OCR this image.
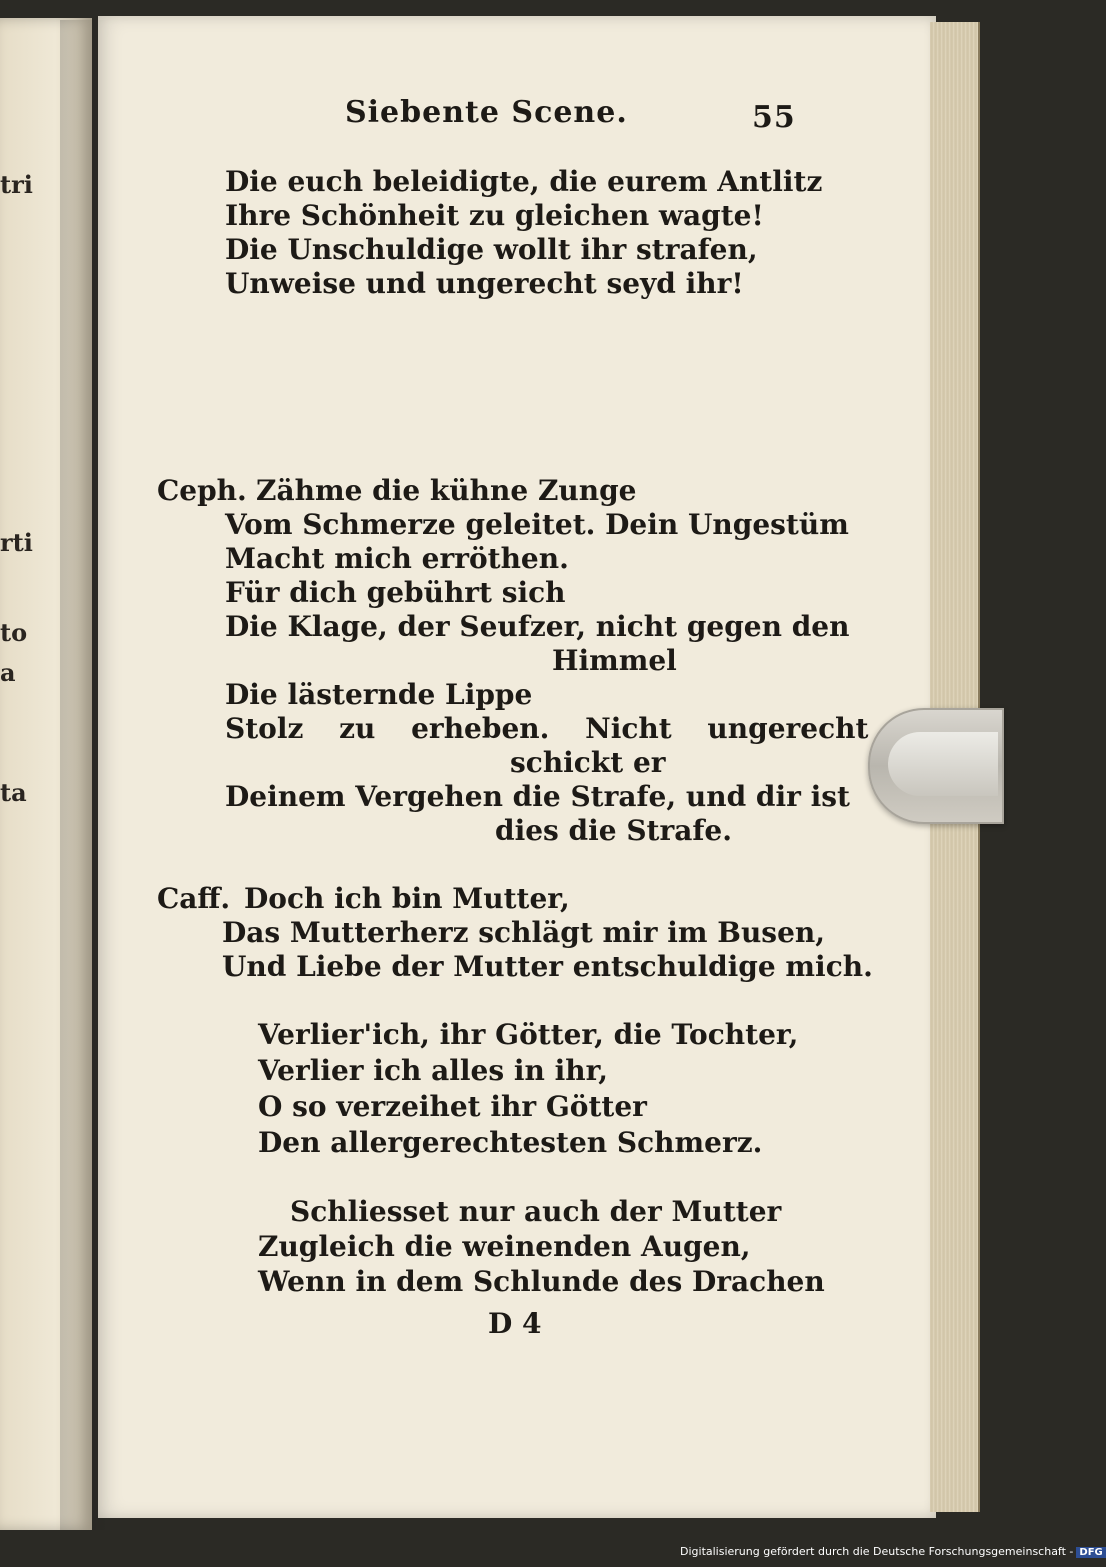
tri
rti
to
a
ta

Siebente Scene.	55
Die euch beleidigte, die eurem Antlitz
Ihre Schönheit zu gleichen wagte!
Die Unschuldige wollt ihr strafen,
Unweise und ungerecht seyd ihr!
Ceph. Zähme die kühne Zunge
Vom Schmerze geleitet. Dein Ungestüm
Macht mich erröthen.
Für dich gebührt sich
Die Klage, der Seufzer, nicht gegen den
Himmel
Die lästernde Lippe
Stolz zu erheben. Nicht ungerecht
schickt er
Deinem Vergehen die Strafe, und dir ist
dies die Strafe.
Caff. Doch ich bin Mutter,
Das Mutterherz schlägt mir im Busen,
Und Liebe der Mutter entschuldige mich.
Verlier'ich, ihr Götter, die Tochter,
Verlier ich alles in ihr,
O so verzeihet ihr Götter
Den allergerechtesten Schmerz.
Schliesset nur auch der Mutter
Zugleich die weinenden Augen,
Wenn in dem Schlunde des Drachen
D 4
Digitalisierung gefördert durch die Deutsche Forschungsgemeinschaft - DFG
